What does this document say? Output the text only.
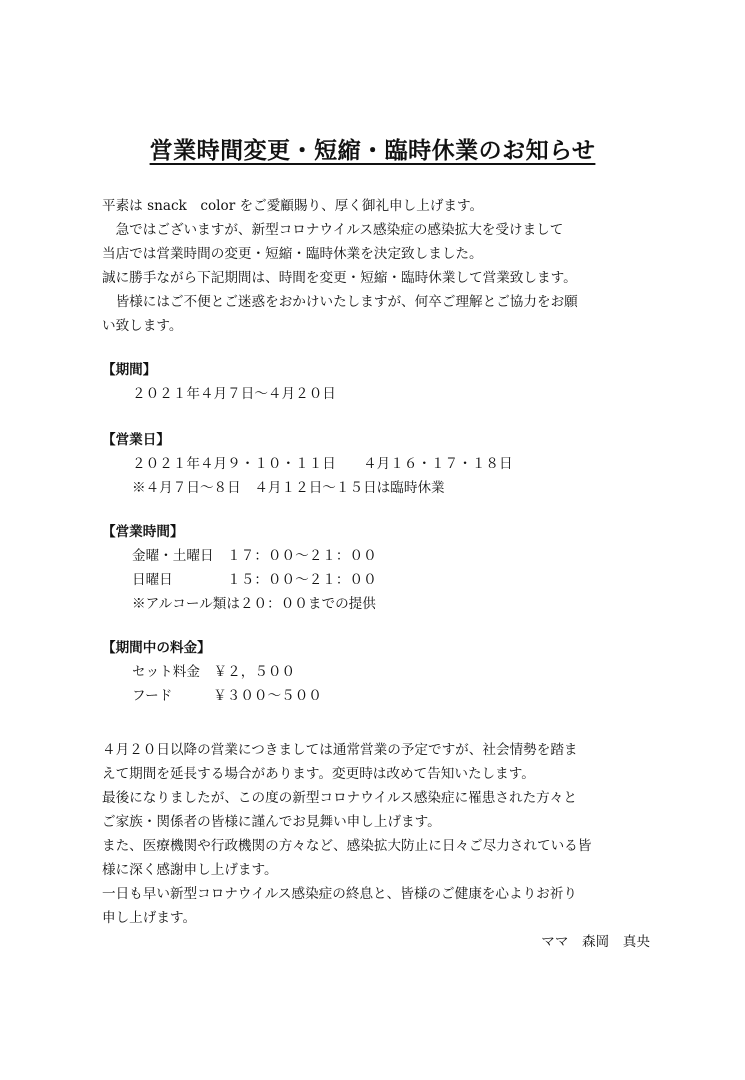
営業時間変更・短縮・臨時休業のお知らせ
平素は snack　color をご愛顧賜り、厚く御礼申し上げます。
　急ではございますが、新型コロナウイルス感染症の感染拡大を受けまして
当店では営業時間の変更・短縮・臨時休業を決定致しました。
誠に勝手ながら下記期間は、時間を変更・短縮・臨時休業して営業致します。
　皆様にはご不便とご迷惑をおかけいたしますが、何卒ご理解とご協力をお願
い致します。
【期間】
２０２１年４月７日〜４月２０日
【営業日】
２０２１年４月９・１０・１１日　　４月１６・１７・１８日
※４月７日〜８日　４月１２日〜１５日は臨時休業
【営業時間】
金曜・土曜日　１７：００〜２１：００
日曜日　　　　１５：００〜２１：００
※アルコール類は２０：００までの提供
【期間中の料金】
セット料金　￥２，５００
フード　　　￥３００〜５００
４月２０日以降の営業につきましては通常営業の予定ですが、社会情勢を踏ま
えて期間を延長する場合があります。変更時は改めて告知いたします。
最後になりましたが、この度の新型コロナウイルス感染症に罹患された方々と
ご家族・関係者の皆様に謹んでお見舞い申し上げます。
また、医療機関や行政機関の方々など、感染拡大防止に日々ご尽力されている皆
様に深く感謝申し上げます。
一日も早い新型コロナウイルス感染症の終息と、皆様のご健康を心よりお祈り
申し上げます。
ママ　森岡　真央
